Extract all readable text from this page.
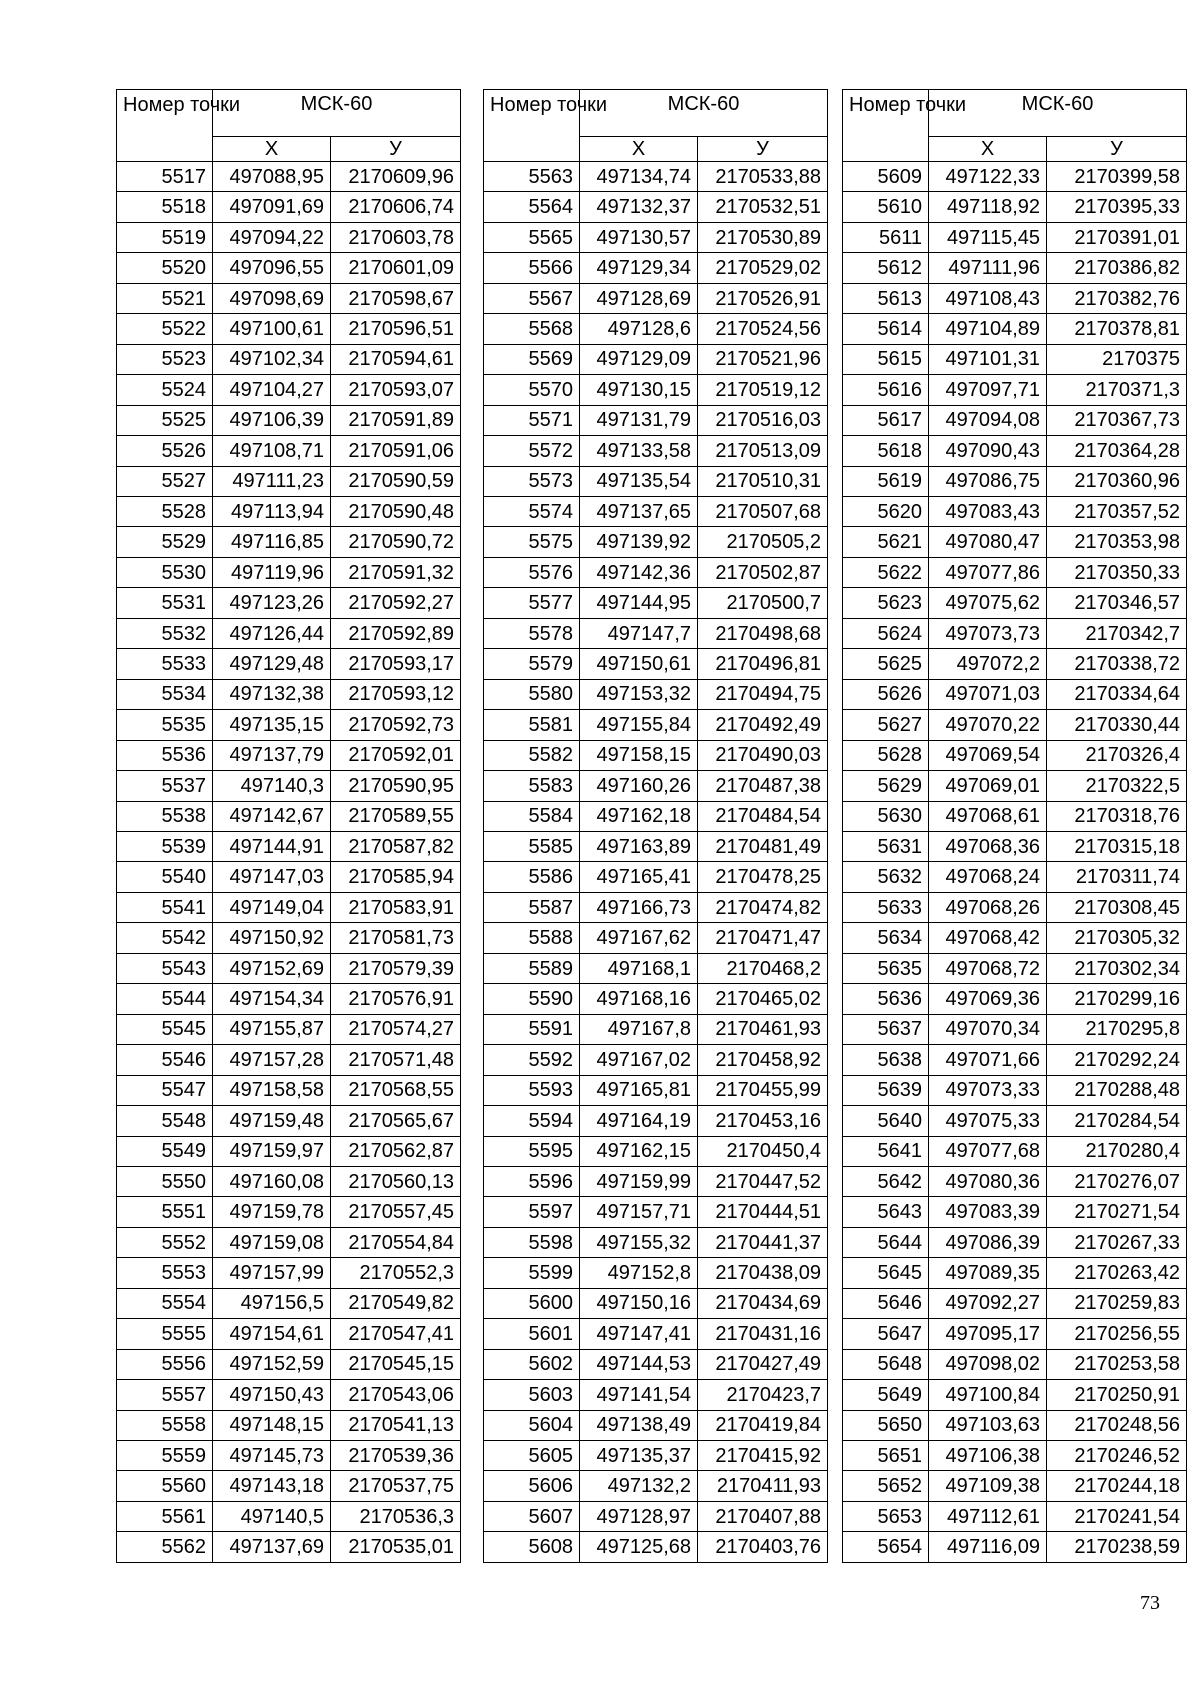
Номер точки	МСК-60	
	Х	У
5517	497088,95	2170609,96
5518	497091,69	2170606,74
5519	497094,22	2170603,78
5520	497096,55	2170601,09
5521	497098,69	2170598,67
5522	497100,61	2170596,51
5523	497102,34	2170594,61
5524	497104,27	2170593,07
5525	497106,39	2170591,89
5526	497108,71	2170591,06
5527	497111,23	2170590,59
5528	497113,94	2170590,48
5529	497116,85	2170590,72
5530	497119,96	2170591,32
5531	497123,26	2170592,27
5532	497126,44	2170592,89
5533	497129,48	2170593,17
5534	497132,38	2170593,12
5535	497135,15	2170592,73
5536	497137,79	2170592,01
5537	497140,3	2170590,95
5538	497142,67	2170589,55
5539	497144,91	2170587,82
5540	497147,03	2170585,94
5541	497149,04	2170583,91
5542	497150,92	2170581,73
5543	497152,69	2170579,39
5544	497154,34	2170576,91
5545	497155,87	2170574,27
5546	497157,28	2170571,48
5547	497158,58	2170568,55
5548	497159,48	2170565,67
5549	497159,97	2170562,87
5550	497160,08	2170560,13
5551	497159,78	2170557,45
5552	497159,08	2170554,84
5553	497157,99	2170552,3
5554	497156,5	2170549,82
5555	497154,61	2170547,41
5556	497152,59	2170545,15
5557	497150,43	2170543,06
5558	497148,15	2170541,13
5559	497145,73	2170539,36
5560	497143,18	2170537,75
5561	497140,5	2170536,3
5562	497137,69	2170535,01
Номер точки	МСК-60	
	Х	У
5563	497134,74	2170533,88
5564	497132,37	2170532,51
5565	497130,57	2170530,89
5566	497129,34	2170529,02
5567	497128,69	2170526,91
5568	497128,6	2170524,56
5569	497129,09	2170521,96
5570	497130,15	2170519,12
5571	497131,79	2170516,03
5572	497133,58	2170513,09
5573	497135,54	2170510,31
5574	497137,65	2170507,68
5575	497139,92	2170505,2
5576	497142,36	2170502,87
5577	497144,95	2170500,7
5578	497147,7	2170498,68
5579	497150,61	2170496,81
5580	497153,32	2170494,75
5581	497155,84	2170492,49
5582	497158,15	2170490,03
5583	497160,26	2170487,38
5584	497162,18	2170484,54
5585	497163,89	2170481,49
5586	497165,41	2170478,25
5587	497166,73	2170474,82
5588	497167,62	2170471,47
5589	497168,1	2170468,2
5590	497168,16	2170465,02
5591	497167,8	2170461,93
5592	497167,02	2170458,92
5593	497165,81	2170455,99
5594	497164,19	2170453,16
5595	497162,15	2170450,4
5596	497159,99	2170447,52
5597	497157,71	2170444,51
5598	497155,32	2170441,37
5599	497152,8	2170438,09
5600	497150,16	2170434,69
5601	497147,41	2170431,16
5602	497144,53	2170427,49
5603	497141,54	2170423,7
5604	497138,49	2170419,84
5605	497135,37	2170415,92
5606	497132,2	2170411,93
5607	497128,97	2170407,88
5608	497125,68	2170403,76
Номер точки	МСК-60	
	Х	У
5609	497122,33	2170399,58
5610	497118,92	2170395,33
5611	497115,45	2170391,01
5612	497111,96	2170386,82
5613	497108,43	2170382,76
5614	497104,89	2170378,81
5615	497101,31	2170375
5616	497097,71	2170371,3
5617	497094,08	2170367,73
5618	497090,43	2170364,28
5619	497086,75	2170360,96
5620	497083,43	2170357,52
5621	497080,47	2170353,98
5622	497077,86	2170350,33
5623	497075,62	2170346,57
5624	497073,73	2170342,7
5625	497072,2	2170338,72
5626	497071,03	2170334,64
5627	497070,22	2170330,44
5628	497069,54	2170326,4
5629	497069,01	2170322,5
5630	497068,61	2170318,76
5631	497068,36	2170315,18
5632	497068,24	2170311,74
5633	497068,26	2170308,45
5634	497068,42	2170305,32
5635	497068,72	2170302,34
5636	497069,36	2170299,16
5637	497070,34	2170295,8
5638	497071,66	2170292,24
5639	497073,33	2170288,48
5640	497075,33	2170284,54
5641	497077,68	2170280,4
5642	497080,36	2170276,07
5643	497083,39	2170271,54
5644	497086,39	2170267,33
5645	497089,35	2170263,42
5646	497092,27	2170259,83
5647	497095,17	2170256,55
5648	497098,02	2170253,58
5649	497100,84	2170250,91
5650	497103,63	2170248,56
5651	497106,38	2170246,52
5652	497109,38	2170244,18
5653	497112,61	2170241,54
5654	497116,09	2170238,59
73
